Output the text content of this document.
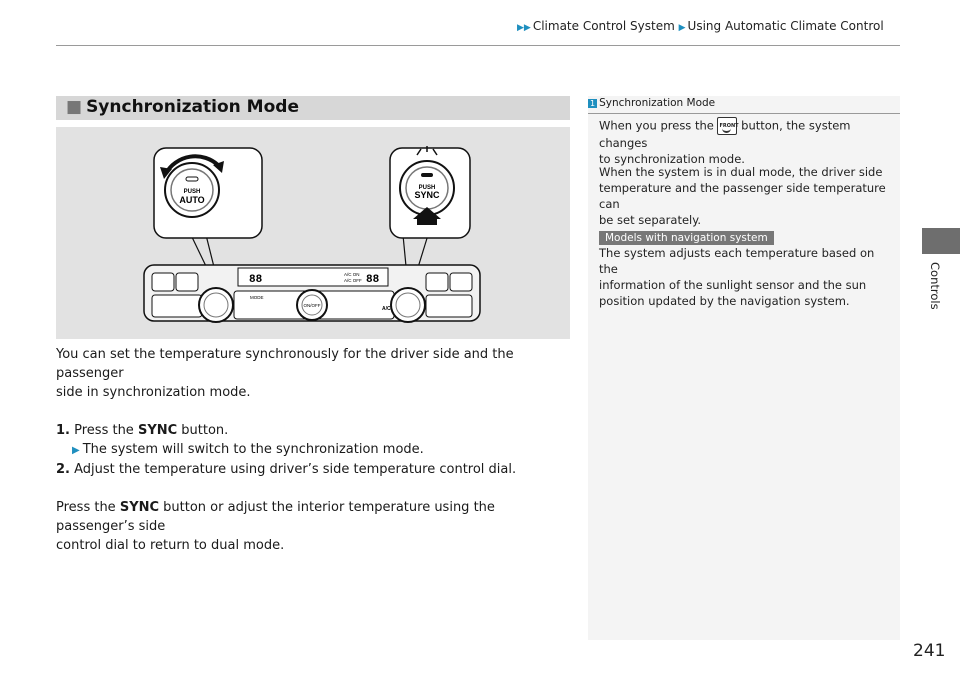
▶▶ Climate Control System ▶ Using Automatic Climate Control
Controls
■ Synchronization Mode
PUSH
AUTO
PUSH
SYNC
88	88
A/C ON
A/C OFF
MODE
A/C
ON/OFF

You can set the temperature synchronously for the driver side and the passenger

side in synchronization mode.

1. Press the SYNC button.

▶ The system will switch to the synchronization mode.

2. Adjust the temperature using driver’s side temperature control dial.

Press the SYNC button or adjust the interior temperature using the passenger’s side

control dial to return to dual mode.

1 Synchronization Mode
When you press the FRONT button, the system changes
to synchronization mode.
When the system is in dual mode, the driver side
temperature and the passenger side temperature can
be set separately.
Models with navigation system
The system adjusts each temperature based on the
information of the sunlight sensor and the sun
position updated by the navigation system.
241
